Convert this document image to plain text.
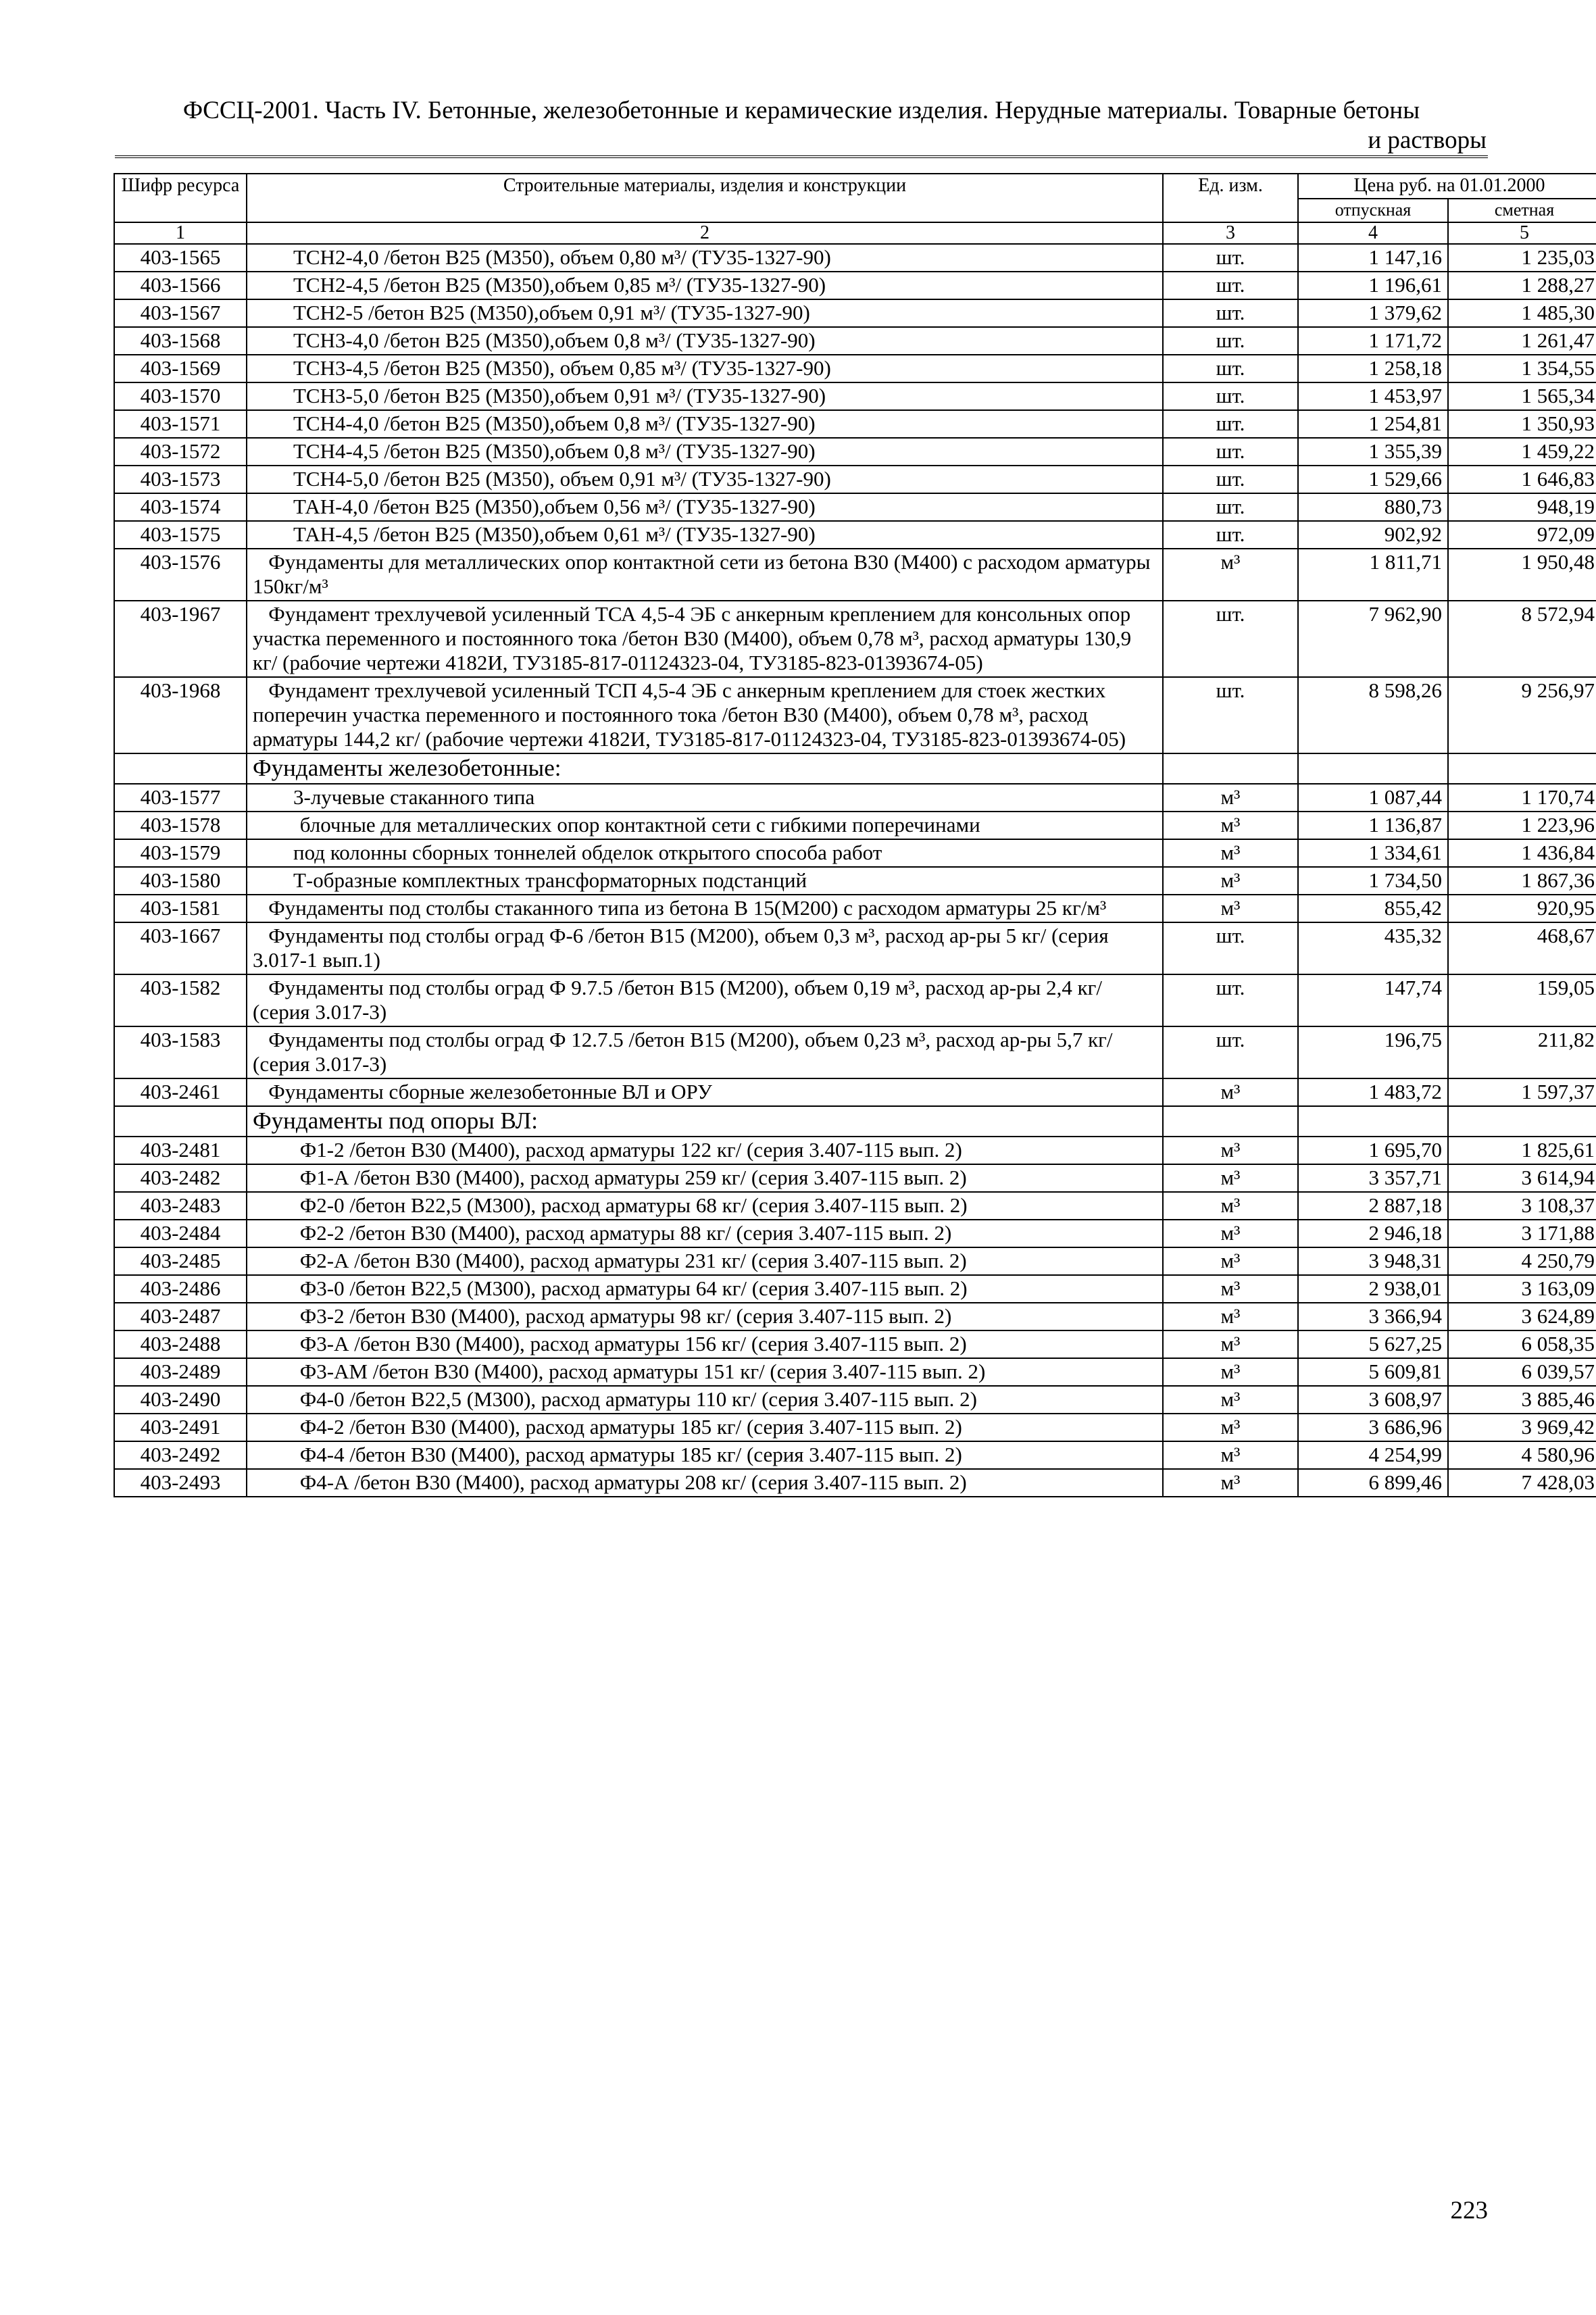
ФССЦ-2001. Часть IV. Бетонные, железобетонные и керамические изделия. Нерудные материалы. Товарные бетоны
и растворы
Шифр ресурса	Строительные материалы, изделия и конструкции	Ед. изм.	Цена руб. на 01.01.2000	
			отпускная	сметная
1	2	3	4	5
403-1565	ТСН2-4,0 /бетон В25 (М350), объем 0,80 м³/ (ТУ35-1327-90)	шт.	1 147,16	1 235,03
403-1566	ТСН2-4,5 /бетон В25 (М350),объем 0,85 м³/ (ТУ35-1327-90)	шт.	1 196,61	1 288,27
403-1567	ТСН2-5 /бетон В25 (М350),объем 0,91 м³/ (ТУ35-1327-90)	шт.	1 379,62	1 485,30
403-1568	ТСН3-4,0 /бетон В25 (М350),объем 0,8 м³/ (ТУ35-1327-90)	шт.	1 171,72	1 261,47
403-1569	ТСН3-4,5 /бетон В25 (М350), объем 0,85 м³/ (ТУ35-1327-90)	шт.	1 258,18	1 354,55
403-1570	ТСН3-5,0 /бетон В25 (М350),объем 0,91 м³/ (ТУ35-1327-90)	шт.	1 453,97	1 565,34
403-1571	ТСН4-4,0 /бетон В25 (М350),объем 0,8 м³/ (ТУ35-1327-90)	шт.	1 254,81	1 350,93
403-1572	ТСН4-4,5 /бетон В25 (М350),объем 0,8 м³/ (ТУ35-1327-90)	шт.	1 355,39	1 459,22
403-1573	ТСН4-5,0 /бетон В25 (М350), объем 0,91 м³/ (ТУ35-1327-90)	шт.	1 529,66	1 646,83
403-1574	ТАН-4,0 /бетон В25 (М350),объем 0,56 м³/ (ТУ35-1327-90)	шт.	880,73	948,19
403-1575	ТАН-4,5 /бетон В25 (М350),объем 0,61 м³/ (ТУ35-1327-90)	шт.	902,92	972,09
403-1576	Фундаменты для металлических опор контактной сети из бетона В30 (М400) с расходом арматуры 150кг/м³	м³	1 811,71	1 950,48
403-1967	Фундамент трехлучевой усиленный ТСА 4,5-4 ЭБ с анкерным креплением для консольных опор участка переменного и постоянного тока /бетон В30 (М400), объем 0,78 м³, расход арматуры 130,9 кг/ (рабочие чертежи 4182И, ТУ3185-817-01124323-04, ТУ3185-823-01393674-05)	шт.	7 962,90	8 572,94
403-1968	Фундамент трехлучевой усиленный ТСП 4,5-4 ЭБ с анкерным креплением для стоек жестких поперечин участка переменного и постоянного тока /бетон В30 (М400), объем 0,78 м³, расход арматуры 144,2 кг/ (рабочие чертежи 4182И, ТУ3185-817-01124323-04, ТУ3185-823-01393674-05)	шт.	8 598,26	9 256,97
	Фундаменты железобетонные:			
403-1577	3-лучевые стаканного типа	м³	1 087,44	1 170,74
403-1578	блочные для металлических опор контактной сети с гибкими поперечинами	м³	1 136,87	1 223,96
403-1579	под колонны сборных тоннелей обделок открытого способа работ	м³	1 334,61	1 436,84
403-1580	Т-образные комплектных трансформаторных подстанций	м³	1 734,50	1 867,36
403-1581	Фундаменты под столбы стаканного типа из бетона В 15(М200) с расходом арматуры 25 кг/м³	м³	855,42	920,95
403-1667	Фундаменты под столбы оград Ф-6 /бетон В15 (М200), объем 0,3 м³, расход ар-ры 5 кг/ (серия 3.017-1 вып.1)	шт.	435,32	468,67
403-1582	Фундаменты под столбы оград Ф 9.7.5 /бетон В15 (М200), объем 0,19 м³, расход ар-ры 2,4 кг/ (серия 3.017-3)	шт.	147,74	159,05
403-1583	Фундаменты под столбы оград Ф 12.7.5 /бетон В15 (М200), объем 0,23 м³, расход ар-ры 5,7 кг/ (серия 3.017-3)	шт.	196,75	211,82
403-2461	Фундаменты сборные железобетонные ВЛ и ОРУ	м³	1 483,72	1 597,37
	Фундаменты под опоры ВЛ:			
403-2481	Ф1-2 /бетон В30 (М400), расход арматуры 122 кг/ (серия 3.407-115 вып. 2)	м³	1 695,70	1 825,61
403-2482	Ф1-А /бетон В30 (М400), расход арматуры 259 кг/ (серия 3.407-115 вып. 2)	м³	3 357,71	3 614,94
403-2483	Ф2-0 /бетон В22,5 (М300), расход арматуры 68 кг/ (серия 3.407-115 вып. 2)	м³	2 887,18	3 108,37
403-2484	Ф2-2 /бетон В30 (М400), расход арматуры 88 кг/ (серия 3.407-115 вып. 2)	м³	2 946,18	3 171,88
403-2485	Ф2-А /бетон В30 (М400), расход арматуры 231 кг/ (серия 3.407-115 вып. 2)	м³	3 948,31	4 250,79
403-2486	Ф3-0 /бетон В22,5 (М300), расход арматуры 64 кг/ (серия 3.407-115 вып. 2)	м³	2 938,01	3 163,09
403-2487	Ф3-2 /бетон В30 (М400), расход арматуры 98 кг/ (серия 3.407-115 вып. 2)	м³	3 366,94	3 624,89
403-2488	Ф3-А /бетон В30 (М400), расход арматуры 156 кг/ (серия 3.407-115 вып. 2)	м³	5 627,25	6 058,35
403-2489	Ф3-АМ /бетон В30 (М400), расход арматуры 151 кг/ (серия 3.407-115 вып. 2)	м³	5 609,81	6 039,57
403-2490	Ф4-0 /бетон В22,5 (М300), расход арматуры 110 кг/ (серия 3.407-115 вып. 2)	м³	3 608,97	3 885,46
403-2491	Ф4-2 /бетон В30 (М400), расход арматуры 185 кг/ (серия 3.407-115 вып. 2)	м³	3 686,96	3 969,42
403-2492	Ф4-4 /бетон В30 (М400), расход арматуры 185 кг/ (серия 3.407-115 вып. 2)	м³	4 254,99	4 580,96
403-2493	Ф4-А /бетон В30 (М400), расход арматуры 208 кг/ (серия 3.407-115 вып. 2)	м³	6 899,46	7 428,03
223
